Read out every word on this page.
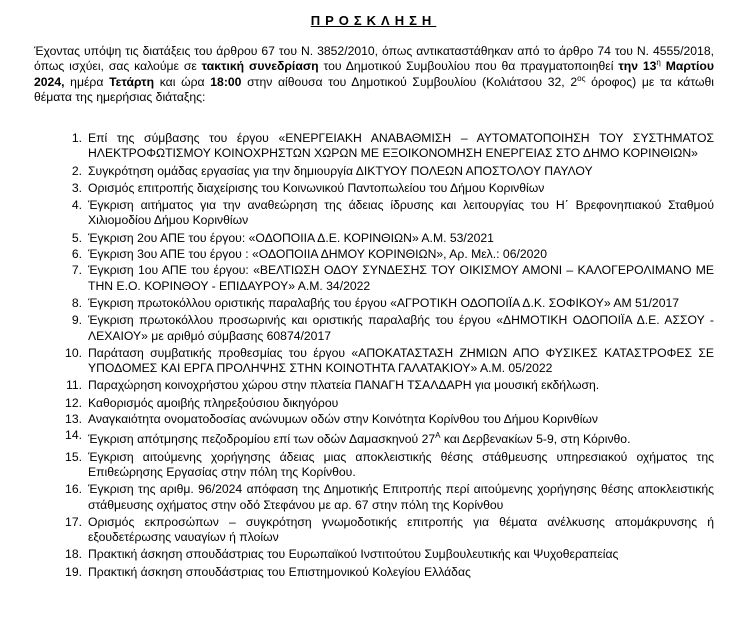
ΠΡΟΣΚΛΗΣΗ
Έχοντας υπόψη τις διατάξεις του άρθρου 67 του Ν. 3852/2010, όπως αντικαταστάθηκαν από το άρθρο 74 του Ν. 4555/2018, όπως ισχύει, σας καλούμε σε τακτική συνεδρίαση του Δημοτικού Συμβουλίου που θα πραγματοποιηθεί την $13^\eta$ Μαρτίου 2024, ημέρα Τετάρτη και ώρα 18:00 στην αίθουσα του Δημοτικού Συμβουλίου (Κολιάτσου 32, $2^{o\varsigma}$ όροφος) με τα κάτωθι θέματα της ημερήσιας διάταξης:
1. Επί της σύμβασης του έργου «ΕΝΕΡΓΕΙΑΚΗ ΑΝΑΒΑΘΜΙΣΗ – ΑΥΤΟΜΑΤΟΠΟΙΗΣΗ ΤΟΥ ΣΥΣΤΗΜΑΤΟΣ ΗΛΕΚΤΡΟΦΩΤΙΣΜΟΥ ΚΟΙΝΟΧΡΗΣΤΩΝ ΧΩΡΩΝ ΜΕ ΕΞΟΙΚΟΝΟΜΗΣΗ ΕΝΕΡΓΕΙΑΣ ΣΤΟ ΔΗΜΟ ΚΟΡΙΝΘΙΩΝ»
2. Συγκρότηση ομάδας εργασίας για την δημιουργία ΔΙΚΤΥΟΥ ΠΟΛΕΩΝ ΑΠΟΣΤΟΛΟΥ ΠΑΥΛΟΥ
3. Ορισμός επιτροπής διαχείρισης του Κοινωνικού Παντοπωλείου του Δήμου Κορινθίων
4. Έγκριση αιτήματος για την αναθεώρηση της άδειας ίδρυσης και λειτουργίας του Η΄ Βρεφονηπιακού Σταθμού Χιλιομοδίου Δήμου Κορινθίων
5. Έγκριση 2ου ΑΠΕ του έργου: «ΟΔΟΠΟΙΙΑ Δ.Ε. ΚΟΡΙΝΘΙΩΝ» Α.Μ. 53/2021
6. Έγκριση 3ου ΑΠΕ του έργου : «ΟΔΟΠΟΙΙΑ ΔΗΜΟΥ ΚΟΡΙΝΘΙΩΝ», Αρ. Μελ.: 06/2020
7. Έγκριση 1ου ΑΠΕ του έργου: «ΒΕΛΤΙΩΣΗ ΟΔΟΥ ΣΥΝΔΕΣΗΣ ΤΟΥ ΟΙΚΙΣΜΟΥ ΑΜΟΝΙ – ΚΑΛΟΓΕΡΟΛΙΜΑΝΟ ΜΕ ΤΗΝ Ε.Ο. ΚΟΡΙΝΘΟΥ - ΕΠΙΔΑΥΡΟΥ» Α.Μ. 34/2022
8. Έγκριση πρωτοκόλλου οριστικής παραλαβής του έργου «ΑΓΡΟΤΙΚΗ ΟΔΟΠΟΙΪΑ Δ.Κ. ΣΟΦΙΚΟΥ» ΑΜ 51/2017
9. Έγκριση πρωτοκόλλου προσωρινής και οριστικής παραλαβής του έργου «ΔΗΜΟΤΙΚΗ ΟΔΟΠΟΙΪΑ Δ.Ε. ΑΣΣΟΥ - ΛΕΧΑΙΟΥ» με αριθμό σύμβασης 60874/2017
10. Παράταση συμβατικής προθεσμίας του έργου «ΑΠΟΚΑΤΑΣΤΑΣΗ ΖΗΜΙΩΝ ΑΠΟ ΦΥΣΙΚΕΣ ΚΑΤΑΣΤΡΟΦΕΣ ΣΕ ΥΠΟΔΟΜΕΣ ΚΑΙ ΕΡΓΑ ΠΡΟΛΗΨΗΣ ΣΤΗΝ ΚΟΙΝΟΤΗΤΑ ΓΑΛΑΤΑΚΙΟΥ» Α.Μ. 05/2022
11. Παραχώρηση κοινοχρήστου χώρου στην πλατεία ΠΑΝΑΓΗ ΤΣΑΛΔΑΡΗ για μουσική εκδήλωση.
12. Καθορισμός αμοιβής πληρεξούσιου δικηγόρου
13. Αναγκαιότητα ονοματοδοσίας ανώνυμων οδών στην Κοινότητα Κορίνθου του Δήμου Κορινθίων
14. Έγκριση απότμησης πεζοδρομίου επί των οδών Δαμασκηνού $27^A$ και Δερβενακίων 5-9, στη Κόρινθο.
15. Έγκριση αιτούμενης χορήγησης άδειας μιας αποκλειστικής θέσης στάθμευσης υπηρεσιακού οχήματος της Επιθεώρησης Εργασίας στην πόλη της Κορίνθου.
16. Έγκριση της αριθμ. 96/2024 απόφαση της Δημοτικής Επιτροπής περί αιτούμενης χορήγησης θέσης αποκλειστικής στάθμευσης οχήματος στην οδό Στεφάνου με αρ. 67 στην πόλη της Κορίνθου
17. Ορισμός εκπροσώπων – συγκρότηση γνωμοδοτικής επιτροπής για θέματα ανέλκυσης απομάκρυνσης ή εξουδετέρωσης ναυαγίων ή πλοίων
18. Πρακτική άσκηση σπουδάστριας του Ευρωπαϊκού Ινστιτούτου Συμβουλευτικής και Ψυχοθεραπείας
19. Πρακτική άσκηση σπουδάστριας του Επιστημονικού Κολεγίου Ελλάδας
